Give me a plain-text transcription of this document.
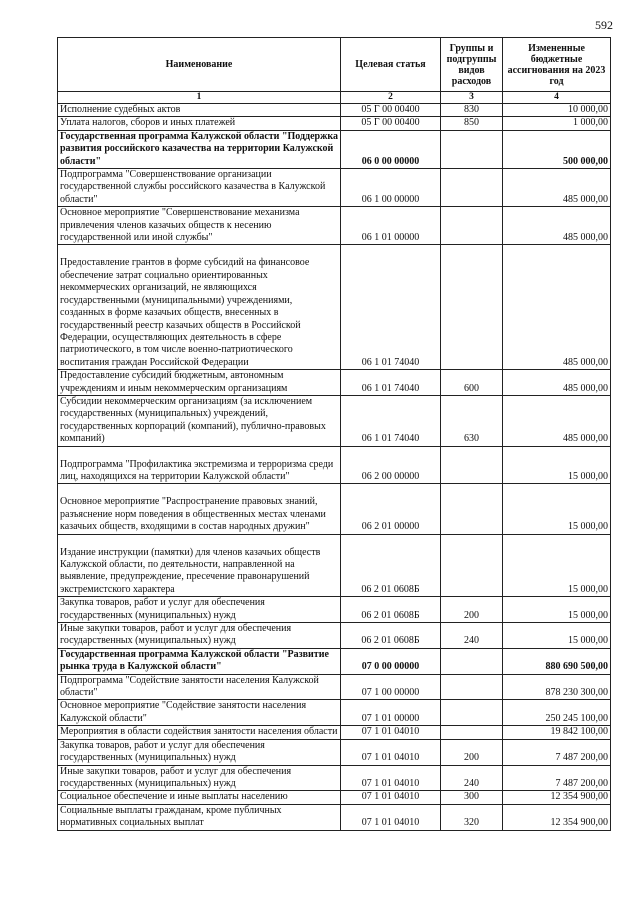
592
Наименование	Целевая статья	Группы и подгруппы видов расходов	Измененные бюджетные ассигнования на 2023 год
1	2	3	4
Исполнение судебных актов	05 Г 00 00400	830	10 000,00
Уплата налогов, сборов и иных платежей	05 Г 00 00400	850	1 000,00
Государственная программа Калужской области "Поддержка развития российского казачества на территории Калужской области"	06 0 00 00000		500 000,00
Подпрограмма "Совершенствование организации государственной службы российского казачества в Калужской области"	06 1 00 00000		485 000,00
Основное мероприятие "Совершенствование механизма привлечения членов казачьих обществ к несению государственной или иной службы"	06 1 01 00000		485 000,00

Предоставление грантов в форме субсидий на финансовое обеспечение затрат социально ориентированных некоммерческих организаций, не являющихся государственными (муниципальными) учреждениями, созданных в форме казачьих обществ, внесенных в государственный реестр казачьих обществ в Российской Федерации, осуществляющих деятельность в сфере патриотического, в том числе военно-патриотического воспитания граждан Российской Федерации	06 1 01 74040		485 000,00
Предоставление субсидий бюджетным, автономным учреждениям и иным некоммерческим организациям	06 1 01 74040	600	485 000,00
Субсидии некоммерческим организациям (за исключением государственных (муниципальных) учреждений, государственных корпораций (компаний), публично-правовых компаний)	06 1 01 74040	630	485 000,00

Подпрограмма "Профилактика экстремизма и терроризма среди лиц, находящихся на территории Калужской области"	06 2 00 00000		15 000,00

Основное мероприятие "Распространение правовых знаний, разъяснение норм поведения в общественных местах членами казачьих обществ, входящими в состав народных дружин"	06 2 01 00000		15 000,00

Издание инструкции (памятки) для членов казачьих обществ Калужской области, по деятельности, направленной на выявление, предупреждение, пресечение правонарушений экстремистского характера	06 2 01 0608Б		15 000,00
Закупка товаров, работ и услуг для обеспечения государственных (муниципальных) нужд	06 2 01 0608Б	200	15 000,00
Иные закупки товаров, работ и услуг для обеспечения государственных (муниципальных) нужд	06 2 01 0608Б	240	15 000,00
Государственная программа Калужской области "Развитие рынка труда в Калужской области"	07 0 00 00000		880 690 500,00
Подпрограмма "Содействие занятости населения Калужской области"	07 1 00 00000		878 230 300,00
Основное мероприятие "Содействие занятости населения Калужской области"	07 1 01 00000		250 245 100,00
Мероприятия в области содействия занятости населения области	07 1 01 04010		19 842 100,00
Закупка товаров, работ и услуг для обеспечения государственных (муниципальных) нужд	07 1 01 04010	200	7 487 200,00
Иные закупки товаров, работ и услуг для обеспечения государственных (муниципальных) нужд	07 1 01 04010	240	7 487 200,00
Социальное обеспечение и иные выплаты населению	07 1 01 04010	300	12 354 900,00
Социальные выплаты гражданам, кроме публичных нормативных социальных выплат	07 1 01 04010	320	12 354 900,00
